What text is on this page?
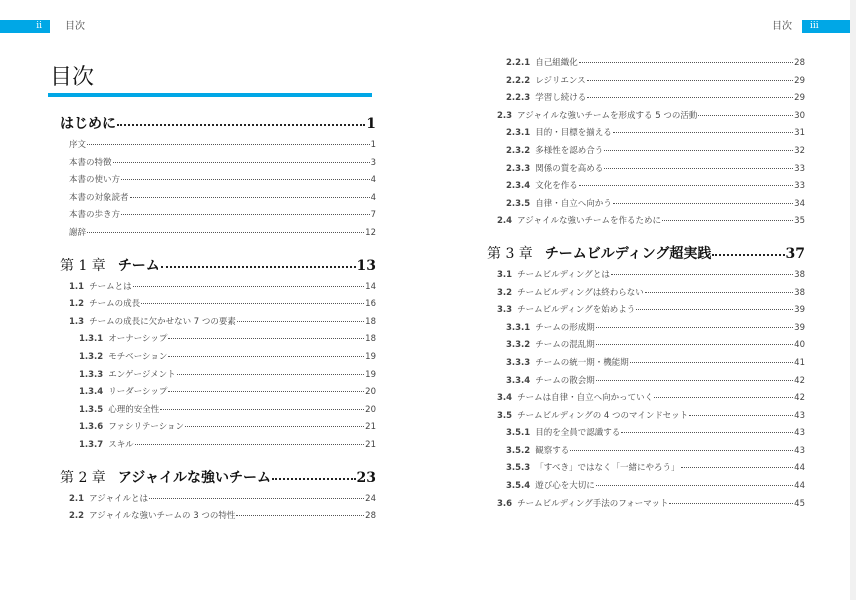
ii	目次
目次
はじめに	1
序文	1
本書の特徴	3
本書の使い方	4
本書の対象読者	4
本書の歩き方	7
謝辞	12
第 1 章 チーム	13
1.1 チームとは	14
1.2 チームの成長	16
1.3 チームの成長に欠かせない 7 つの要素	18
1.3.1 オーナーシップ	18
1.3.2 モチベーション	19
1.3.3 エンゲージメント	19
1.3.4 リーダーシップ	20
1.3.5 心理的安全性	20
1.3.6 ファシリテーション	21
1.3.7 スキル	21
第 2 章 アジャイルな強いチーム	23
2.1 アジャイルとは	24
2.2 アジャイルな強いチームの 3 つの特性	28
目次	iii
2.2.1 自己組織化	28
2.2.2 レジリエンス	29
2.2.3 学習し続ける	29
2.3 アジャイルな強いチームを形成する 5 つの活動	30
2.3.1 目的・目標を揃える	31
2.3.2 多様性を認め合う	32
2.3.3 関係の質を高める	33
2.3.4 文化を作る	33
2.3.5 自律・自立へ向かう	34
2.4 アジャイルな強いチームを作るために	35
第 3 章 チームビルディング超実践	37
3.1 チームビルディングとは	38
3.2 チームビルディングは終わらない	38
3.3 チームビルディングを始めよう	39
3.3.1 チームの形成期	39
3.3.2 チームの混乱期	40
3.3.3 チームの統一期・機能期	41
3.3.4 チームの散会期	42
3.4 チームは自律・自立へ向かっていく	42
3.5 チームビルディングの 4 つのマインドセット	43
3.5.1 目的を全員で認識する	43
3.5.2 観察する	43
3.5.3 「すべき」ではなく「一緒にやろう」	44
3.5.4 遊び心を大切に	44
3.6 チームビルディング手法のフォーマット	45
